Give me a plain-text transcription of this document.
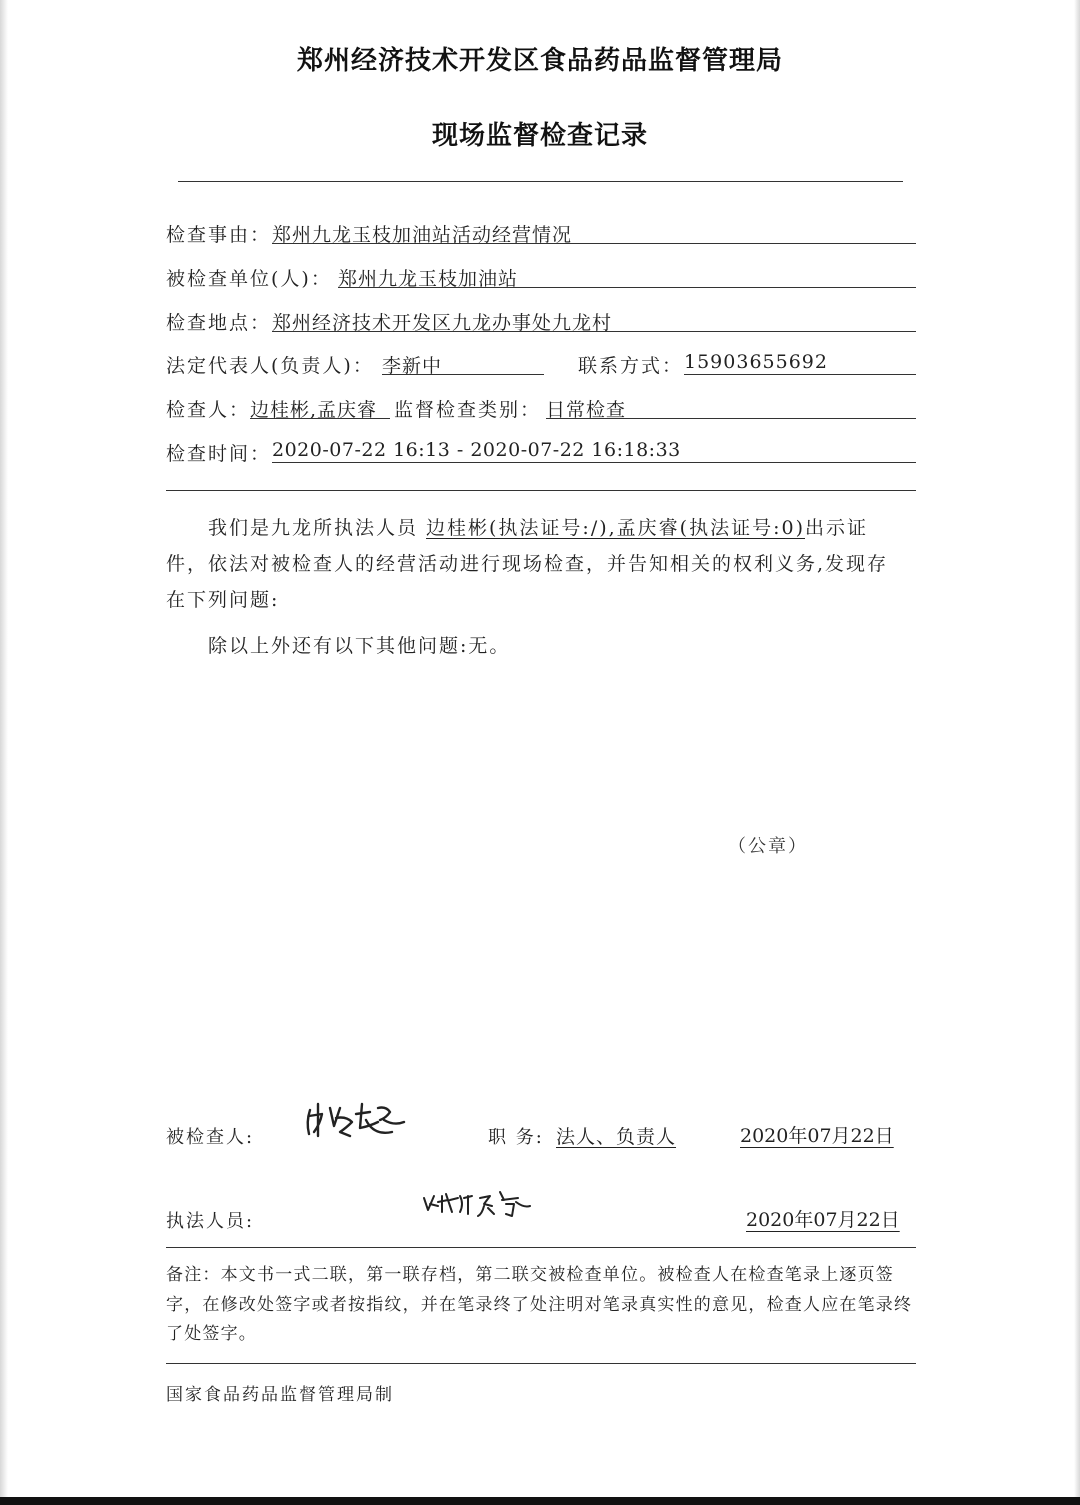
郑州经济技术开发区食品药品监督管理局
现场监督检查记录
检查事由： 郑州九龙玉枝加油站活动经营情况
被检查单位(人)： 郑州九龙玉枝加油站
检查地点： 郑州经济技术开发区九龙办事处九龙村
法定代表人(负责人)： 李新中	联系方式： 15903655692
检查人： 边桂彬,孟庆睿 监督检查类别： 日常检查
检查时间： 2020-07-22 16:13 - 2020-07-22 16:18:33
我们是九龙所执法人员 边桂彬(执法证号:/),孟庆睿(执法证号:0)出示证
件，依法对被检查人的经营活动进行现场检查，并告知相关的权利义务,发现存
在下列问题:
除以上外还有以下其他问题:无。
（公章）
被检查人:	职 务: 法人、负责人	2020年07月22日
执法人员:	2020年07月22日
备注：本文书一式二联，第一联存档，第二联交被检查单位。被检查人在检查笔录上逐页签字，在修改处签字或者按指纹，并在笔录终了处注明对笔录真实性的意见，检查人应在笔录终了处签字。
国家食品药品监督管理局制
